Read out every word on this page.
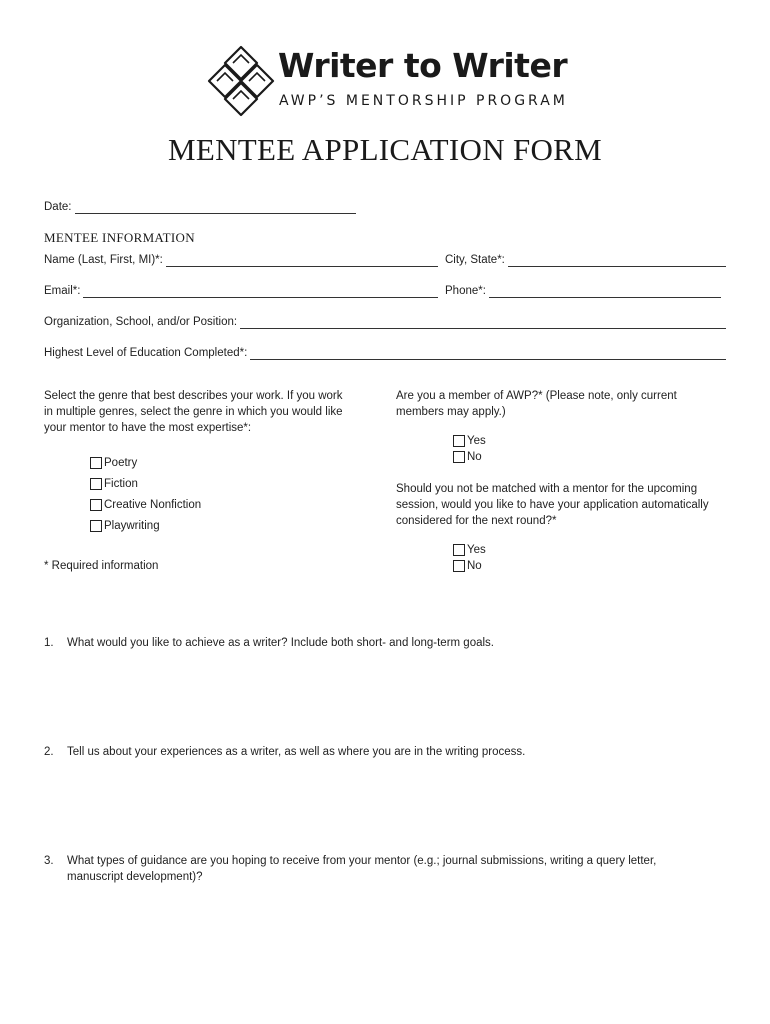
Writer to Writer
AWP’S MENTORSHIP PROGRAM
MENTEE APPLICATION FORM
Date:
MENTEE INFORMATION
Name (Last, First, MI)*:	City, State*:
Email*:	Phone*:
Organization, School, and/or Position:
Highest Level of Education Completed*:
Select the genre that best describes your work. If you work in multiple genres, select the genre in which you would like your mentor to have the most expertise*:
Poetry
Fiction
Creative Nonfiction
Playwriting
* Required information
Are you a member of AWP?* (Please note, only current members may apply.)
Yes
No
Should you not be matched with a mentor for the upcoming session, would you like to have your application automatically considered for the next round?*
Yes
No
1. What would you like to achieve as a writer? Include both short- and long-term goals.
2. Tell us about your experiences as a writer, as well as where you are in the writing process.
3. What types of guidance are you hoping to receive from your mentor (e.g.; journal submissions, writing a query letter, manuscript development)?
